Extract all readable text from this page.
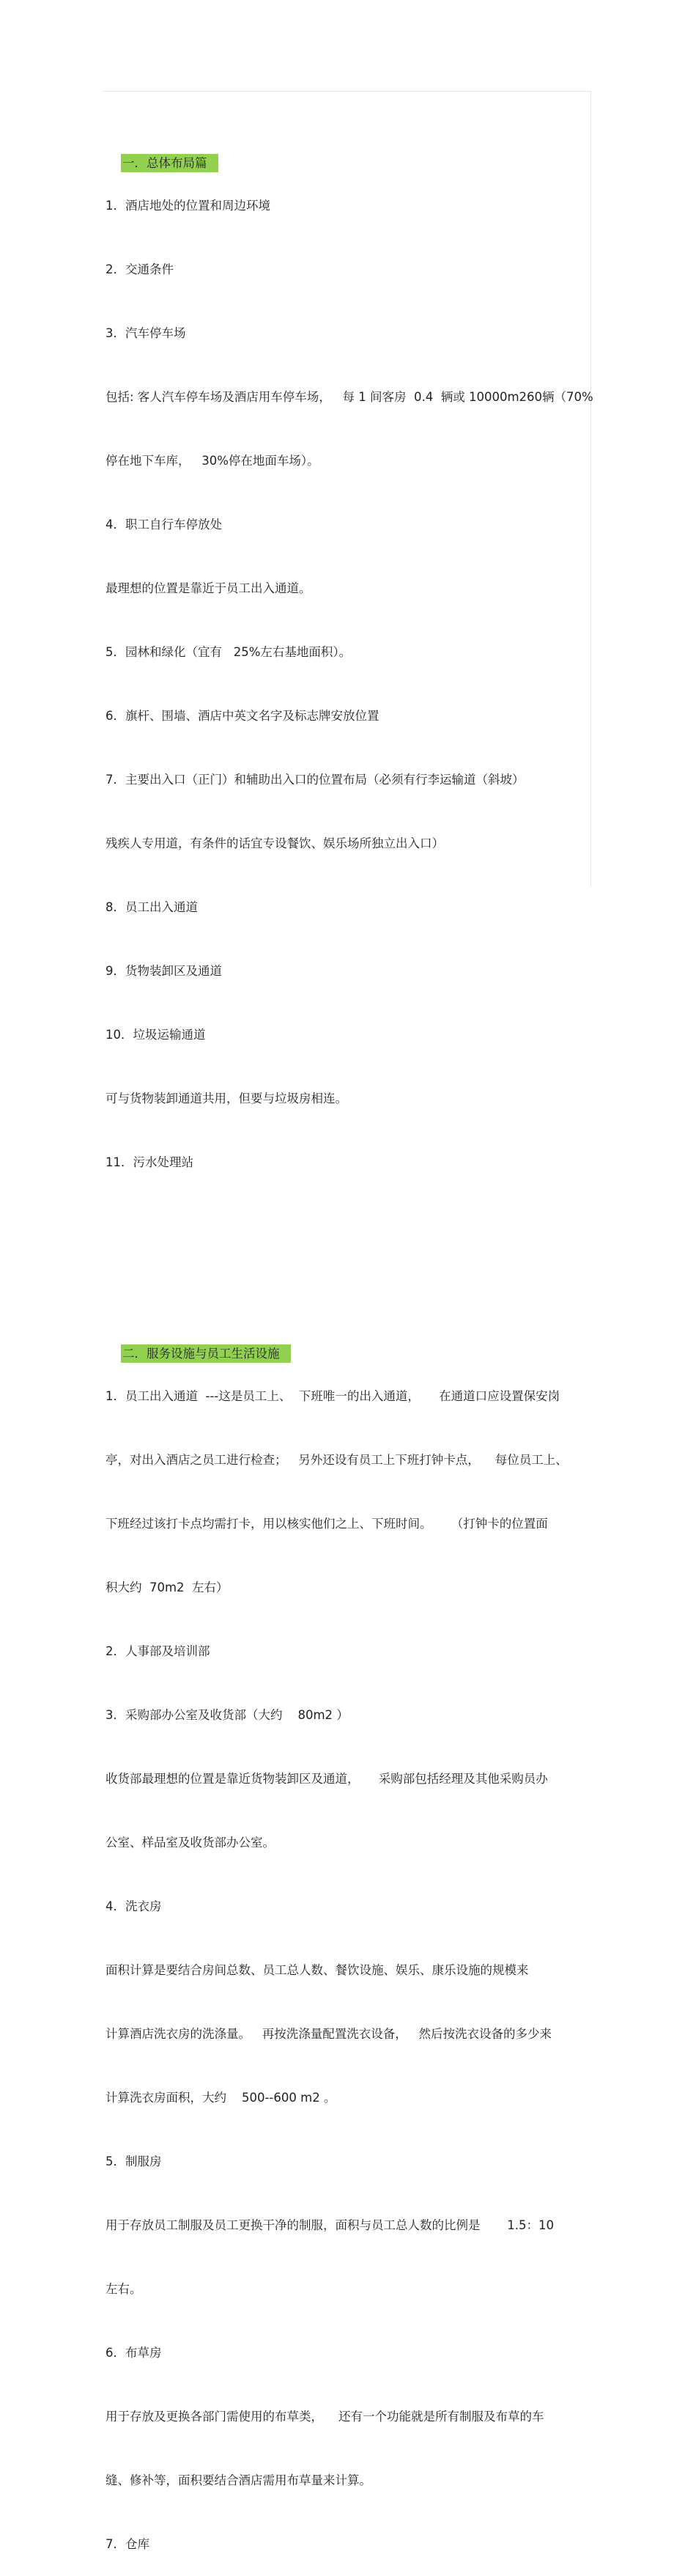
一．总体布局篇

1．酒店地处的位置和周边环境

2．交通条件

3．汽车停车场

包括: 客人汽车停车场及酒店用车停车场，   每 1 间客房  0.4  辆或 10000m260辆（70%

停在地下车库，   30%停在地面车场）。

4．职工自行车停放处

最理想的位置是靠近于员工出入通道。

5．园林和绿化（宜有   25%左右基地面积）。

6．旗杆、围墙、酒店中英文名字及标志牌安放位置

7．主要出入口（正门）和辅助出入口的位置布局（必须有行李运输道（斜坡）

残疾人专用道，有条件的话宜专设餐饮、娱乐场所独立出入口）

8．员工出入通道

9．货物装卸区及通道

10．垃圾运输通道

可与货物装卸通道共用，但要与垃圾房相连。

11．污水处理站

二．服务设施与员工生活设施

1．员工出入通道  ---这是员工上、  下班唯一的出入通道，     在通道口应设置保安岗

亭，对出入酒店之员工进行检查；   另外还设有员工上下班打钟卡点，    每位员工上、

下班经过该打卡点均需打卡，用以核实他们之上、下班时间。     （打钟卡的位置面

积大约  70m2  左右）

2．人事部及培训部

3．采购部办公室及收货部（大约    80m2 ）

收货部最理想的位置是靠近货物装卸区及通道，     采购部包括经理及其他采购员办

公室、样品室及收货部办公室。

4．洗衣房

面积计算是要结合房间总数、员工总人数、餐饮设施、娱乐、康乐设施的规模来

计算酒店洗衣房的洗涤量。   再按洗涤量配置洗衣设备，   然后按洗衣设备的多少来

计算洗衣房面积，大约    500--600 m2 。

5．制服房

用于存放员工制服及员工更换干净的制服，面积与员工总人数的比例是       1.5：10

左右。

6．布草房

用于存放及更换各部门需使用的布草类，    还有一个功能就是所有制服及布草的车

缝、修补等，面积要结合酒店需用布草量来计算。

7．仓库
